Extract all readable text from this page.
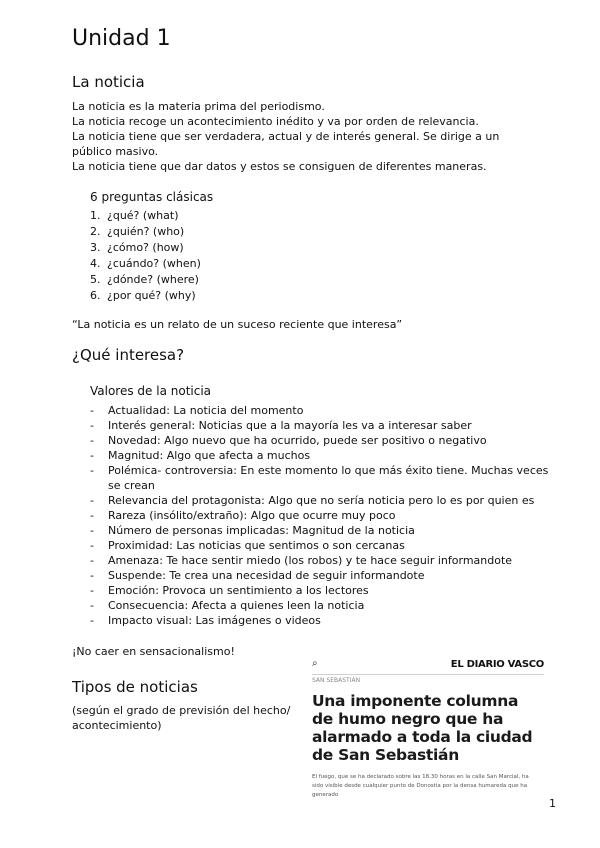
Unidad 1
La noticia

La noticia es la materia prima del periodismo.

La noticia recoge un acontecimiento inédito y va por orden de relevancia.

La noticia tiene que ser verdadera, actual y de interés general. Se dirige a un público masivo.

La noticia tiene que dar datos y estos se consiguen de diferentes maneras.

6 preguntas clásicas
1. ¿qué? (what)
2. ¿quién? (who)
3. ¿cómo? (how)
4. ¿cuándo? (when)
5. ¿dónde? (where)
6. ¿por qué? (why)
“La noticia es un relato de un suceso reciente que interesa”
¿Qué interesa?
Valores de la noticia
-	Actualidad: La noticia del momento
-	Interés general: Noticias que a la mayoría les va a interesar saber
-	Novedad: Algo nuevo que ha ocurrido, puede ser positivo o negativo
-	Magnitud: Algo que afecta a muchos
-	Polémica- controversia: En este momento lo que más éxito tiene. Muchas veces se crean
-	Relevancia del protagonista: Algo que no sería noticia pero lo es por quien es
-	Rareza (insólito/extraño): Algo que ocurre muy poco
-	Número de personas implicadas: Magnitud de la noticia
-	Proximidad: Las noticias que sentimos o son cercanas
-	Amenaza: Te hace sentir miedo (los robos) y te hace seguir informandote
-	Suspende: Te crea una necesidad de seguir informandote
-	Emoción: Provoca un sentimiento a los lectores
-	Consecuencia: Afecta a quienes leen la noticia
-	Impacto visual: Las imágenes o videos
¡No caer en sensacionalismo!
Tipos de noticias
(según el grado de previsión del hecho/ acontecimiento)
⌕	EL DIARIO VASCO
SAN SEBASTIÁN
Una imponente columna de humo negro que ha alarmado a toda la ciudad de San Sebastián
El fuego, que se ha declarado sobre las 18.30 horas en la calle San Marcial, ha sido visible desde cualquier punto de Donostia por la densa humareda que ha generado
1
